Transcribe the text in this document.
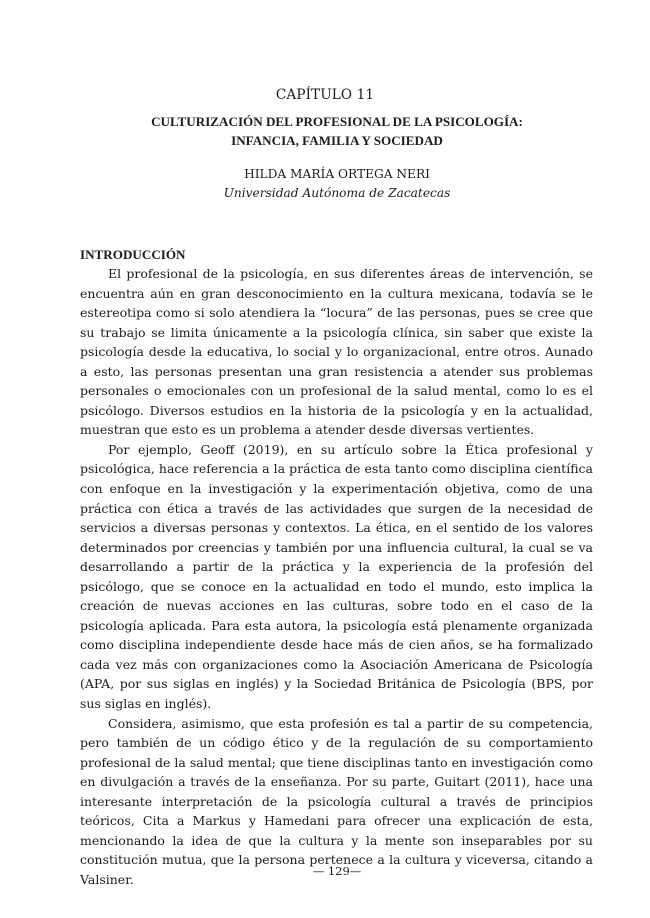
CAPÍTULO 11
CULTURIZACIÓN DEL PROFESIONAL DE LA PSICOLOGÍA:
INFANCIA, FAMILIA Y SOCIEDAD
HILDA MARÍA ORTEGA NERI
Universidad Autónoma de Zacatecas
INTRODUCCIÓN

El profesional de la psicología, en sus diferentes áreas de intervención, se encuentra aún en gran desconocimiento en la cultura mexicana, todavía se le estereotipa como si solo atendiera la “locura” de las personas, pues se cree que su trabajo se limita únicamente a la psicología clínica, sin saber que existe la psicología desde la educativa, lo social y lo organizacional, entre otros. Aunado a esto, las personas presentan una gran resistencia a atender sus problemas personales o emocionales con un profesional de la salud mental, como lo es el psicólogo. Diversos estudios en la historia de la psicología y en la actualidad, muestran que esto es un problema a atender desde diversas vertientes.

Por ejemplo, Geoff (2019), en su artículo sobre la Ética profesional y psicológica, hace referencia a la práctica de esta tanto como disciplina científica con enfoque en la investigación y la experimentación objetiva, como de una práctica con ética a través de las actividades que surgen de la necesidad de servicios a diversas personas y contextos. La ética, en el sentido de los valores determinados por creencias y también por una influencia cultural, la cual se va desarrollando a partir de la práctica y la experiencia de la profesión del psicólogo, que se conoce en la actualidad en todo el mundo, esto implica la creación de nuevas acciones en las culturas, sobre todo en el caso de la psicología aplicada. Para esta autora, la psicología está plenamente organizada como disciplina independiente desde hace más de cien años, se ha formalizado cada vez más con organizaciones como la Asociación Americana de Psicología (APA, por sus siglas en inglés) y la Sociedad Británica de Psicología (BPS, por sus siglas en inglés).

Considera, asimismo, que esta profesión es tal a partir de su competencia, pero también de un código ético y de la regulación de su comportamiento profesional de la salud mental; que tiene disciplinas tanto en investigación como en divulgación a través de la enseñanza. Por su parte, Guitart (2011), hace una interesante interpretación de la psicología cultural a través de principios teóricos, Cita a Markus y Hamedani para ofrecer una explicación de esta, mencionando la idea de que la cultura y la mente son inseparables por su constitución mutua, que la persona pertenece a la cultura y viceversa, citando a Valsiner.

— 129—
